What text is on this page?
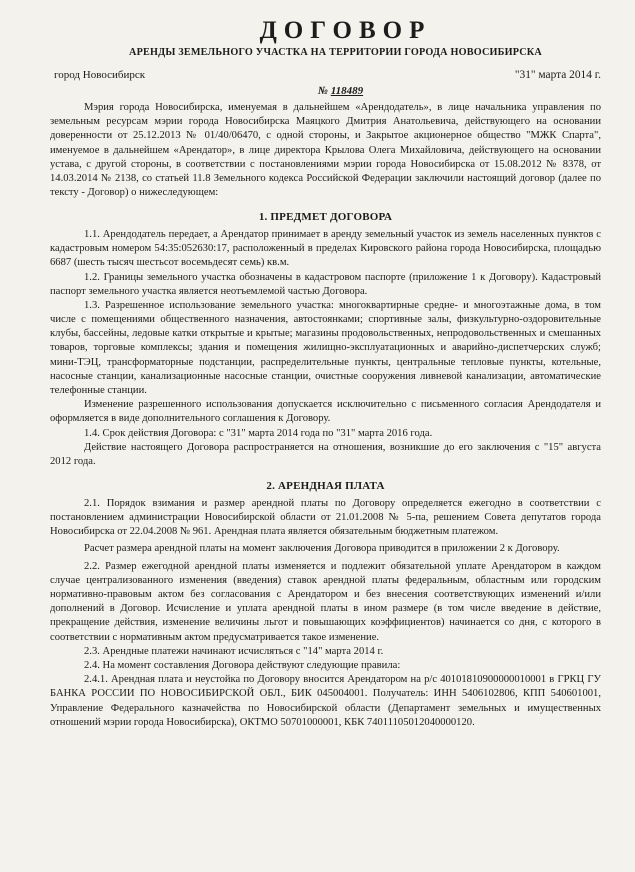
ДОГОВОР
АРЕНДЫ ЗЕМЕЛЬНОГО УЧАСТКА НА ТЕРРИТОРИИ ГОРОДА НОВОСИБИРСКА
город Новосибирск	"31" марта 2014 г.
№ 118489

Мэрия города Новосибирска, именуемая в дальнейшем «Арендодатель», в лице начальника управления по земельным ресурсам мэрии города Новосибирска Маяцкого Дмитрия Анатольевича, действующего на основании доверенности от 25.12.2013 № 01/40/06470, с одной стороны, и Закрытое акционерное общество "МЖК Спарта", именуемое в дальнейшем «Арендатор», в лице директора Крылова Олега Михайловича, действующего на основании устава, с другой стороны, в соответствии с постановлениями мэрии города Новосибирска от 15.08.2012 № 8378, от 14.03.2014 № 2138, со статьей 11.8 Земельного кодекса Российской Федерации заключили настоящий договор (далее по тексту - Договор) о нижеследующем:

1. ПРЕДМЕТ ДОГОВОРА

1.1. Арендодатель передает, а Арендатор принимает в аренду земельный участок из земель населенных пунктов с кадастровым номером 54:35:052630:17, расположенный в пределах Кировского района города Новосибирска, площадью 6687 (шесть тысяч шестьсот восемьдесят семь) кв.м.

1.2. Границы земельного участка обозначены в кадастровом паспорте (приложение 1 к Договору). Кадастровый паспорт земельного участка является неотъемлемой частью Договора.

1.3. Разрешенное использование земельного участка: многоквартирные средне- и многоэтажные дома, в том числе с помещениями общественного назначения, автостоянками; спортивные залы, физкультурно-оздоровительные клубы, бассейны, ледовые катки открытые и крытые; магазины продовольственных, непродовольственных и смешанных товаров, торговые комплексы; здания и помещения жилищно-эксплуатационных и аварийно-диспетчерских служб; мини-ТЭЦ, трансформаторные подстанции, распределительные пункты, центральные тепловые пункты, котельные, насосные станции, канализационные насосные станции, очистные сооружения ливневой канализации, автоматические телефонные станции.

Изменение разрешенного использования допускается исключительно с письменного согласия Арендодателя и оформляется в виде дополнительного соглашения к Договору.

1.4. Срок действия Договора: с "31" марта 2014 года по "31" марта 2016 года.

Действие настоящего Договора распространяется на отношения, возникшие до его заключения с "15" августа 2012 года.

2. АРЕНДНАЯ ПЛАТА

2.1. Порядок взимания и размер арендной платы по Договору определяется ежегодно в соответствии с постановлением администрации Новосибирской области от 21.01.2008 № 5-па, решением Совета депутатов города Новосибирска от 22.04.2008 № 961. Арендная плата является обязательным бюджетным платежом.

Расчет размера арендной платы на момент заключения Договора приводится в приложении 2 к Договору.

2.2. Размер ежегодной арендной платы изменяется и подлежит обязательной уплате Арендатором в каждом случае централизованного изменения (введения) ставок арендной платы федеральным, областным или городским нормативно-правовым актом без согласования с Арендатором и без внесения соответствующих изменений и/или дополнений в Договор. Исчисление и уплата арендной платы в ином размере (в том числе введение в действие, прекращение действия, изменение величины льгот и повышающих коэффициентов) начинается со дня, с которого в соответствии с нормативным актом предусматривается такое изменение.

2.3. Арендные платежи начинают исчисляться с "14" марта 2014 г.

2.4. На момент составления Договора действуют следующие правила:

2.4.1. Арендная плата и неустойка по Договору вносится Арендатором на р/с 40101810900000010001 в ГРКЦ ГУ БАНКА РОССИИ ПО НОВОСИБИРСКОЙ ОБЛ., БИК 045004001. Получатель: ИНН 5406102806, КПП 540601001, Управление Федерального казначейства по Новосибирской области (Департамент земельных и имущественных отношений мэрии города Новосибирска), ОКТМО 50701000001, КБК 74011105012040000120.
